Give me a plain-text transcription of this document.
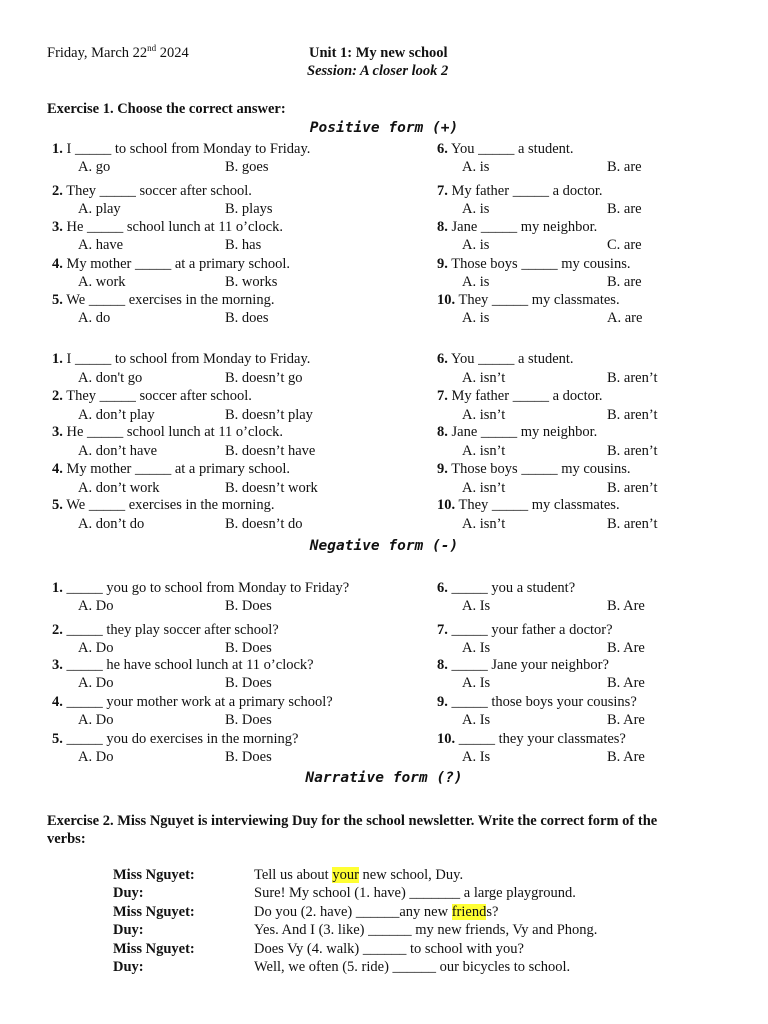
Friday, March 22nd 2024	Unit 1: My new school
Session: A closer look 2
Exercise 1. Choose the correct answer:
Positive form (+)
1. I _____ to school from Monday to Friday.
A. go	B. goes
2. They _____ soccer after school.
A. play	B. plays
3. He _____ school lunch at 11 o’clock.
A. have	B. has
4. My mother _____ at a primary school.
A. work	B. works
5. We _____ exercises in the morning.
A. do	B. does
6. You _____ a student.
A. is	B. are
7. My father _____ a doctor.
A. is	B. are
8. Jane _____ my neighbor.
A. is	C. are
9. Those boys _____ my cousins.
A. is	B. are
10. They _____ my classmates.
A. is	A. are
1. I _____ to school from Monday to Friday.
A. don't go	B. doesn’t go
2. They _____ soccer after school.
A. don’t play	B. doesn’t play
3. He _____ school lunch at 11 o’clock.
A. don’t have	B. doesn’t have
4. My mother _____ at a primary school.
A. don’t work	B. doesn’t work
5. We _____ exercises in the morning.
A. don’t do	B. doesn’t do
6. You _____ a student.
A. isn’t	B. aren’t
7. My father _____ a doctor.
A. isn’t	B. aren’t
8. Jane _____ my neighbor.
A. isn’t	B. aren’t
9. Those boys _____ my cousins.
A. isn’t	B. aren’t
10. They _____ my classmates.
A. isn’t	B. aren’t
1. _____ you go to school from Monday to Friday?
A. Do	B. Does
2. _____ they play soccer after school?
A. Do	B. Does
3. _____ he have school lunch at 11 o’clock?
A. Do	B. Does
4. _____ your mother work at a primary school?
A. Do	B. Does
5. _____ you do exercises in the morning?
A. Do	B. Does
6. _____ you a student?
A. Is	B. Are
7. _____ your father a doctor?
A. Is	B. Are
8. _____ Jane your neighbor?
A. Is	B. Are
9. _____ those boys your cousins?
A. Is	B. Are
10. _____ they your classmates?
A. Is	B. Are
Negative form (-)
Narrative form (?)
Exercise 2. Miss Nguyet is interviewing Duy for the school newsletter. Write the correct form of the
verbs:
Miss Nguyet:	Tell us about your new school, Duy.
Duy:	Sure! My school (1. have) _______ a large playground.
Miss Nguyet:	Do you (2. have) ______any new friends?
Duy:	Yes. And I (3. like) ______ my new friends, Vy and Phong.
Miss Nguyet:	Does Vy (4. walk) ______ to school with you?
Duy:	Well, we often (5. ride) ______ our bicycles to school.
